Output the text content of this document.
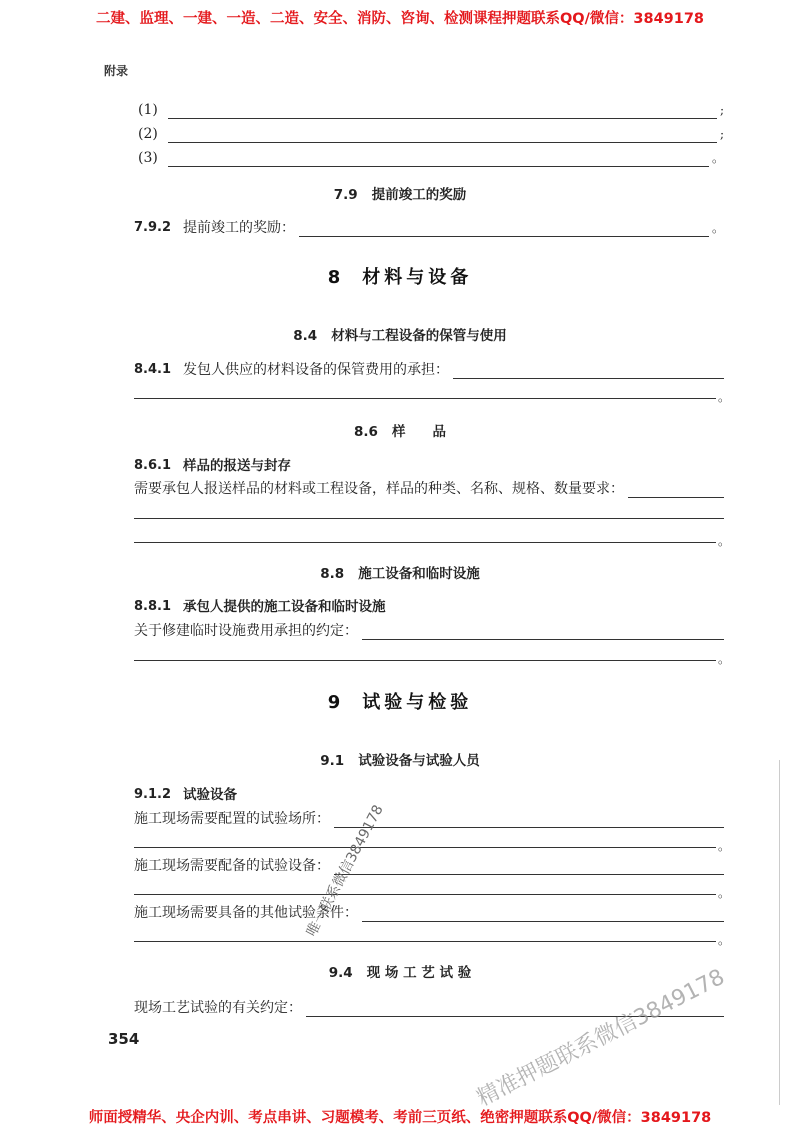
二建、监理、一建、一造、二造、安全、消防、咨询、检测课程押题联系QQ/微信：3849178
附录
(1)	;
(2)	;
(3)	。
7.9 提前竣工的奖励
7.9.2 提前竣工的奖励：	。
8 材料与设备
8.4 材料与工程设备的保管与使用
8.4.1 发包人供应的材料设备的保管费用的承担：
。
8.6 样　　品
8.6.1 样品的报送与封存
需要承包人报送样品的材料或工程设备，样品的种类、名称、规格、数量要求：
。
8.8 施工设备和临时设施
8.8.1 承包人提供的施工设备和临时设施
关于修建临时设施费用承担的约定：
。
9 试验与检验
9.1 试验设备与试验人员
9.1.2 试验设备
施工现场需要配置的试验场所：
。
施工现场需要配备的试验设备：
。
施工现场需要具备的其他试验条件：
。
9.4 现 场 工 艺 试 验
现场工艺试验的有关约定：
354
唯一联系微信3849178
精准押题联系微信3849178
师面授精华、央企内训、考点串讲、习题模考、考前三页纸、绝密押题联系QQ/微信：3849178
